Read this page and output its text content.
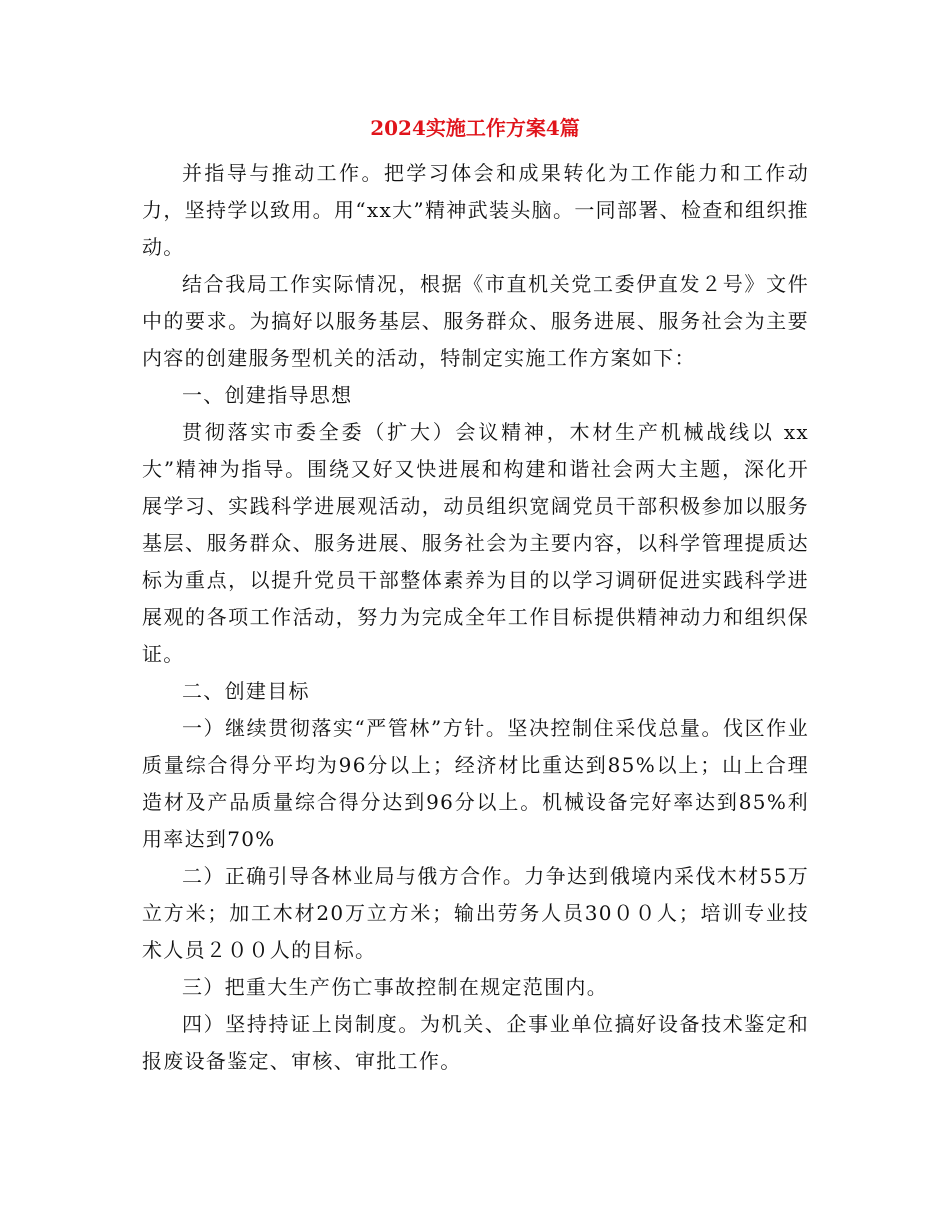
2024实施工作方案4篇

并指导与推动工作。把学习体会和成果转化为工作能力和工作动力，坚持学以致用。用“xx大”精神武装头脑。一同部署、检查和组织推动。

结合我局工作实际情况，根据《市直机关党工委伊直发２号》文件中的要求。为搞好以服务基层、服务群众、服务进展、服务社会为主要内容的创建服务型机关的活动，特制定实施工作方案如下：

一、创建指导思想

贯彻落实市委全委（扩大）会议精神，木材生产机械战线以 xx大”精神为指导。围绕又好又快进展和构建和谐社会两大主题，深化开展学习、实践科学进展观活动，动员组织宽阔党员干部积极参加以服务基层、服务群众、服务进展、服务社会为主要内容，以科学管理提质达标为重点，以提升党员干部整体素养为目的以学习调研促进实践科学进展观的各项工作活动，努力为完成全年工作目标提供精神动力和组织保证。

二、创建目标

一）继续贯彻落实“严管林”方针。坚决控制住采伐总量。伐区作业质量综合得分平均为96分以上；经济材比重达到85%以上；山上合理造材及产品质量综合得分达到96分以上。机械设备完好率达到85%利用率达到70%

二）正确引导各林业局与俄方合作。力争达到俄境内采伐木材55万立方米；加工木材20万立方米；输出劳务人员30００人；培训专业技术人员２００人的目标。

三）把重大生产伤亡事故控制在规定范围内。

四）坚持持证上岗制度。为机关、企事业单位搞好设备技术鉴定和报废设备鉴定、审核、审批工作。
